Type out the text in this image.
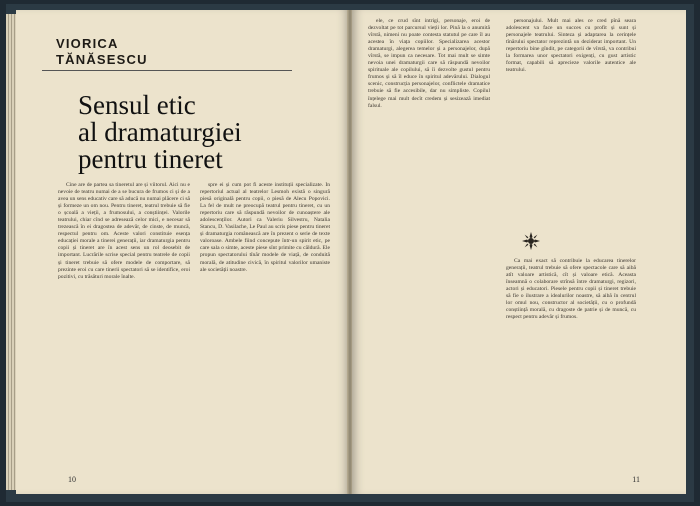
VIORICA
TĂNĂSESCU
Sensul etic
al dramaturgiei
pentru tineret

Cine are de partea sa tineretul are și viitorul. Aici nu e nevoie de teatru numai de a se bucura de frumos ci și de a avea un sens educativ care să aducă nu numai plăcere ci să și formeze un om nou. Pentru tineret, teatrul trebuie să fie o școală a vieții, a frumosului, a conștiinței. Valorile teatrului, chiar cînd se adresează celor mici, e necesar să trezească în ei dragostea de adevăr, de cinste, de muncă, respectul pentru om. Aceste valori constituie esența educației morale a tinerei generații, iar dramaturgia pentru copii și tineret are în acest sens un rol deosebit de important. Lucrările scrise special pentru teatrele de copii și tineret trebuie să ofere modele de comportare, să prezinte eroi cu care tinerii spectatori să se identifice, eroi pozitivi, cu trăsături morale înalte.

spre ei și cum pot fi aceste instituții specializate. In repertoriul actual al teatrelor Lesmoh există o singură piesă originală pentru copii, o piesă de Alecu Popovici. La fel de mult ne preocupă teatrul pentru tineret, cu un repertoriu care să răspundă nevoilor de cunoaștere ale adolescenților. Autori ca Valeriu Silvestru, Natalia Stancu, D. Vasilache, Le Paul au scris piese pentru tineret și dramaturgia românească are în prezent o serie de texte valoroase. Ambele fiind concepute într-un spirit etic, pe care sala o simte, aceste piese sînt primite cu căldură. Ele propun spectatorului tînăr modele de viață, de conduită morală, de atitudine civică, în spiritul valorilor umaniste ale societății noastre.

10

ele, ce crud sînt intrigi, personaje, eroi de dezvoltat pe tot parcursul vieții lor. Pină la o anumită vîrstă, nimeni nu poate contesta statutul pe care îl au acestea în viața copiilor. Specializarea acestor dramaturgi, alegerea temelor și a personajelor, după vîrstă, se impun ca necesare. Tot mai mult se simte nevoia unei dramaturgii care să răspundă nevoilor spirituale ale copilului, să îi dezvolte gustul pentru frumos și să îl educe în spiritul adevărului. Dialogul scenic, construcția personajelor, conflictele dramatice trebuie să fie accesibile, dar nu simpliste. Copilul înțelege mai mult decît credem și sesizează imediat falsul.

personajului. Mult mai ales ce cred pînă seara adolescent va face un succes cu profit și sunt și personajele teatrului. Sinteza și adaptarea la cerințele tînărului spectator reprezintă un deziderat important. Un repertoriu bine gîndit, pe categorii de vîrstă, va contribui la formarea unor spectatori exigenți, cu gust artistic format, capabili să aprecieze valorile autentice ale teatrului.

Ca mai exact să contribuie la educarea tinerelor generații, teatrul trebuie să ofere spectacole care să aibă atît valoare artistică, cît și valoare etică. Aceasta înseamnă o colaborare strînsă între dramaturgi, regizori, actori și educatori. Piesele pentru copii și tineret trebuie să fie o ilustrare a idealurilor noastre, să aibă în centrul lor omul nou, constructor al societății, cu o profundă conștiință morală, cu dragoste de patrie și de muncă, cu respect pentru adevăr și frumos.

11
